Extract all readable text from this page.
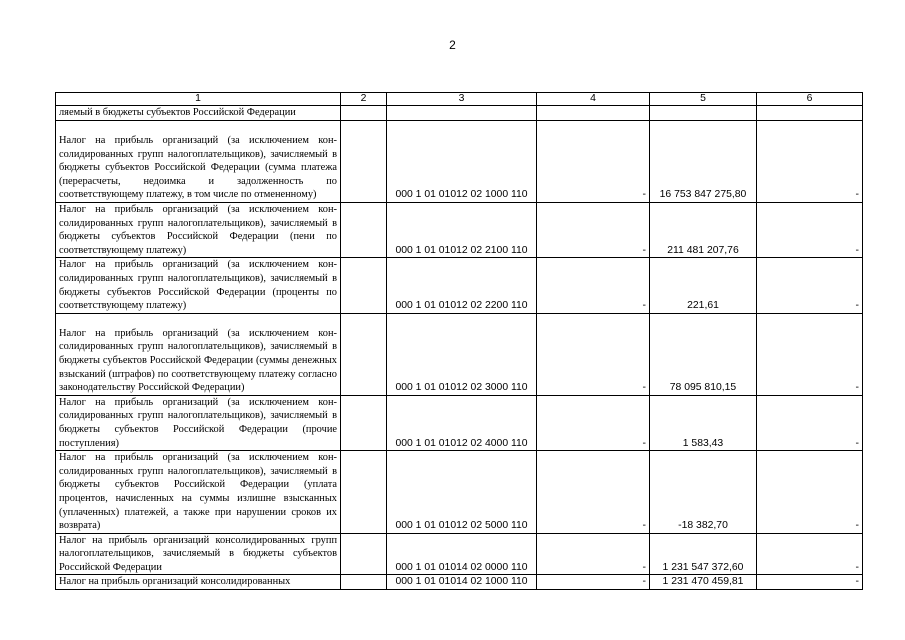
2
1	2	3	4	5	6
ляемый в бюджеты субъектов Российской Федерации					
Налог на прибыль организаций (за исключением консолидированных групп налогоплательщиков), зачисляемый в бюджеты субъектов Российской Федерации (сумма платежа (перерасчеты, недоимка и задолженность по соответствующему платежу, в том числе по отмененному)		000 1 01 01012 02 1000 110	-	16 753 847 275,80	-
Налог на прибыль организаций (за исключением консолидированных групп налогоплательщиков), зачисляемый в бюджеты субъектов Российской Федерации (пени по соответствующему платежу)		000 1 01 01012 02 2100 110	-	211 481 207,76	-
Налог на прибыль организаций (за исключением консолидированных групп налогоплательщиков), зачисляемый в бюджеты субъектов Российской Федерации (проценты по соответствующему платежу)		000 1 01 01012 02 2200 110	-	221,61	-
Налог на прибыль организаций (за исключением консолидированных групп налогоплательщиков), зачисляемый в бюджеты субъектов Российской Федерации (суммы денежных взысканий (штрафов) по соответствующему платежу согласно законодательству Российской Федерации)		000 1 01 01012 02 3000 110	-	78 095 810,15	-
Налог на прибыль организаций (за исключением консолидированных групп налогоплательщиков), зачисляемый в бюджеты субъектов Российской Федерации (прочие поступления)		000 1 01 01012 02 4000 110	-	1 583,43	-
Налог на прибыль организаций (за исключением консолидированных групп налогоплательщиков), зачисляемый в бюджеты субъектов Российской Федерации (уплата процентов, начисленных на суммы излишне взысканных (уплаченных) платежей, а также при нарушении сроков их возврата)		000 1 01 01012 02 5000 110	-	-18 382,70	-
Налог на прибыль организаций консолидированных групп налогоплательщиков, зачисляемый в бюджеты субъектов Российской Федерации		000 1 01 01014 02 0000 110	-	1 231 547 372,60	-
Налог на прибыль организаций консолидированных		000 1 01 01014 02 1000 110	-	1 231 470 459,81	-
